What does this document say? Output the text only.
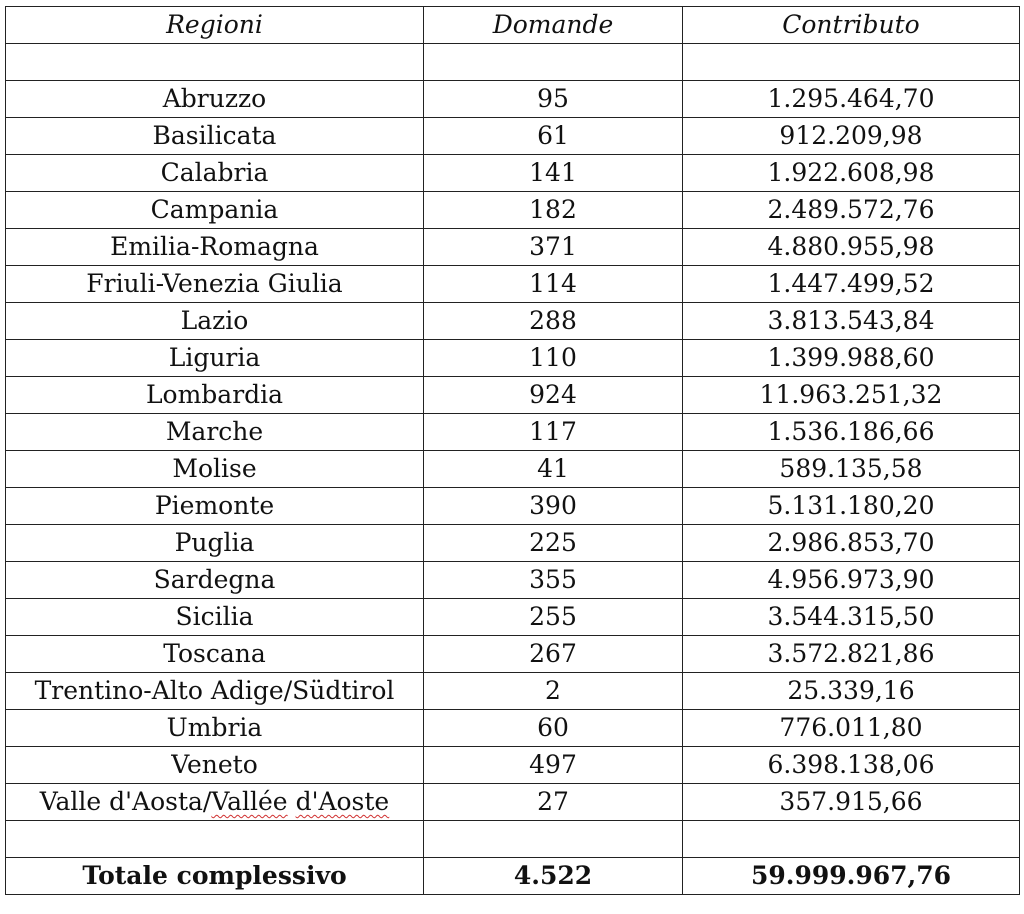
Regioni	Domande	Contributo

Abruzzo	95	1.295.464,70
Basilicata	61	912.209,98
Calabria	141	1.922.608,98
Campania	182	2.489.572,76
Emilia-Romagna	371	4.880.955,98
Friuli-Venezia Giulia	114	1.447.499,52
Lazio	288	3.813.543,84
Liguria	110	1.399.988,60
Lombardia	924	11.963.251,32
Marche	117	1.536.186,66
Molise	41	589.135,58
Piemonte	390	5.131.180,20
Puglia	225	2.986.853,70
Sardegna	355	4.956.973,90
Sicilia	255	3.544.315,50
Toscana	267	3.572.821,86
Trentino-Alto Adige/Südtirol	2	25.339,16
Umbria	60	776.011,80
Veneto	497	6.398.138,06
Valle d'Aosta/Vallée d'Aoste	27	357.915,66

Totale complessivo	4.522	59.999.967,76
